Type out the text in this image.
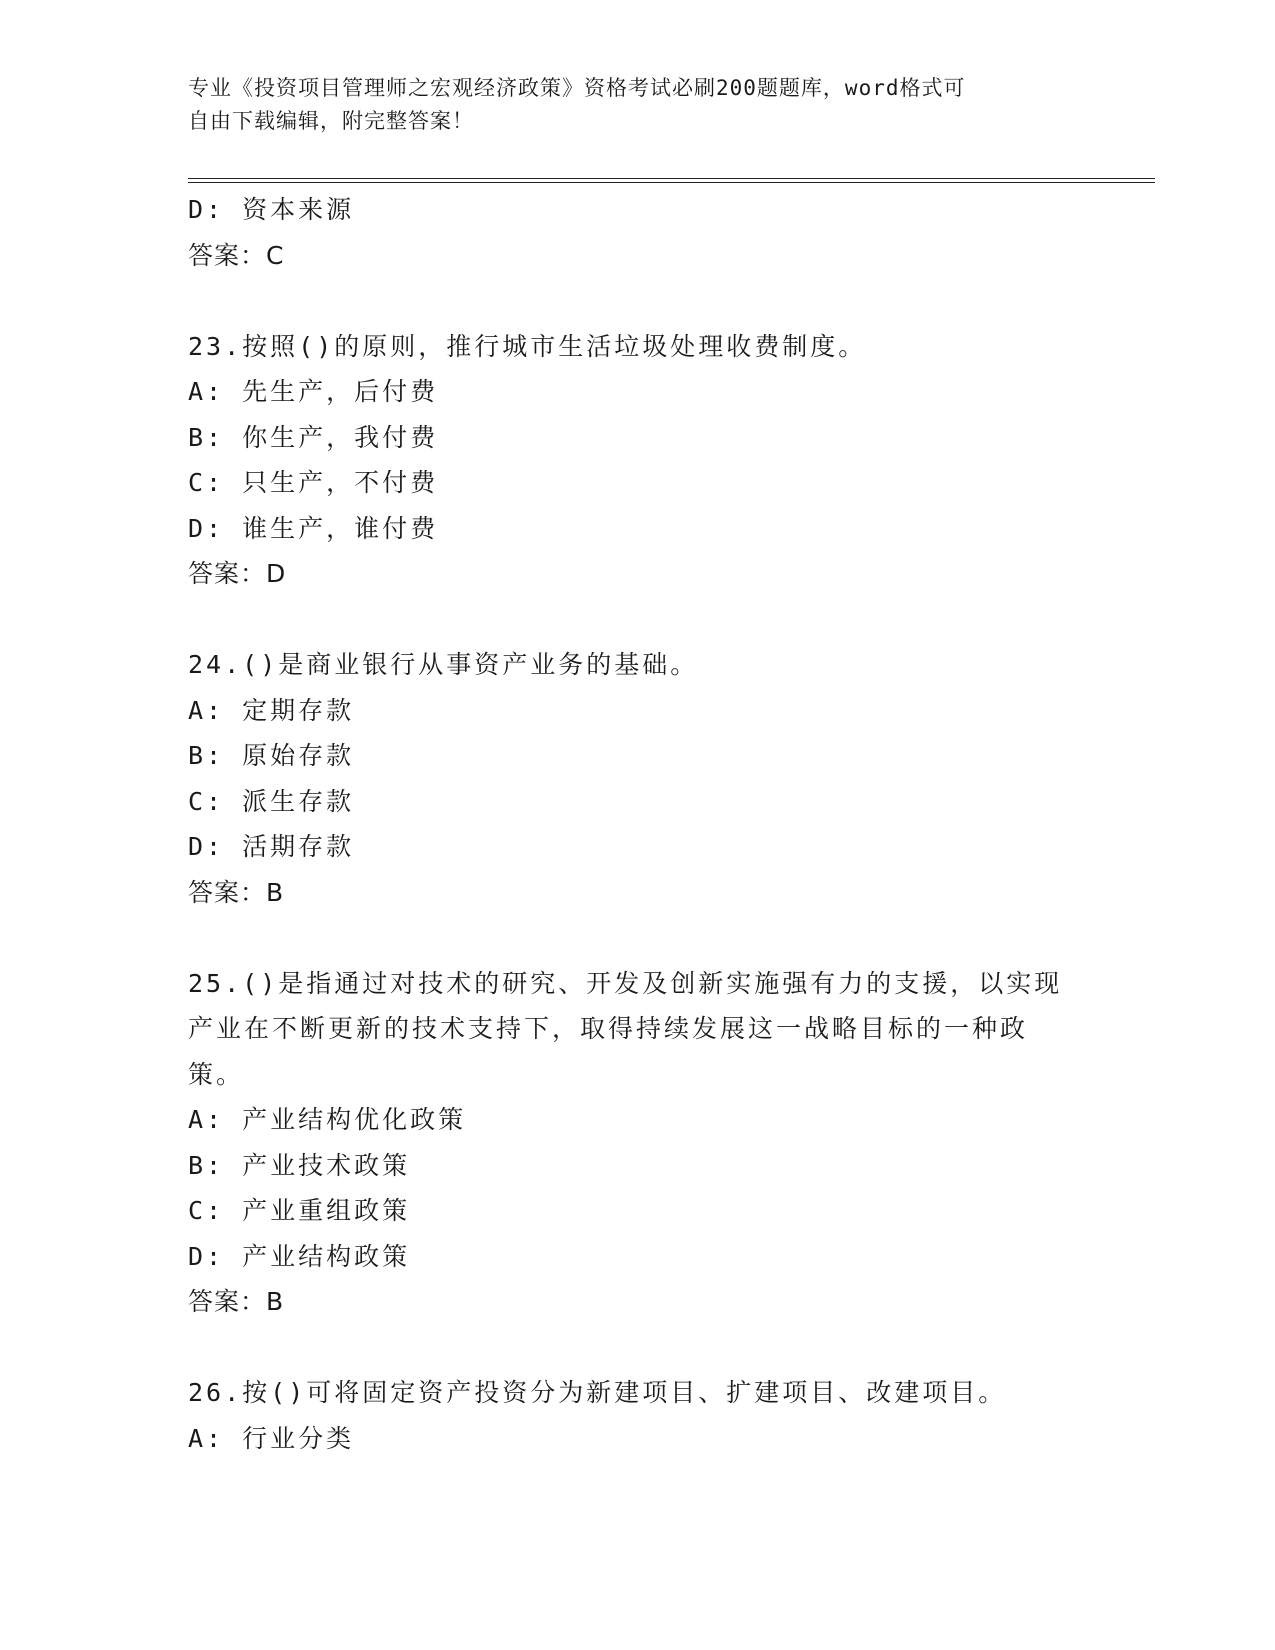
专业《投资项目管理师之宏观经济政策》资格考试必刷200题题库，word格式可
自由下载编辑，附完整答案！
D: 资本来源
答案：C
23.按照()的原则，推行城市生活垃圾处理收费制度。
A: 先生产，后付费
B: 你生产，我付费
C: 只生产，不付费
D: 谁生产，谁付费
答案：D
24.()是商业银行从事资产业务的基础。
A: 定期存款
B: 原始存款
C: 派生存款
D: 活期存款
答案：B
25.()是指通过对技术的研究、开发及创新实施强有力的支援，以实现
产业在不断更新的技术支持下，取得持续发展这一战略目标的一种政
策。
A: 产业结构优化政策
B: 产业技术政策
C: 产业重组政策
D: 产业结构政策
答案：B
26.按()可将固定资产投资分为新建项目、扩建项目、改建项目。
A: 行业分类
